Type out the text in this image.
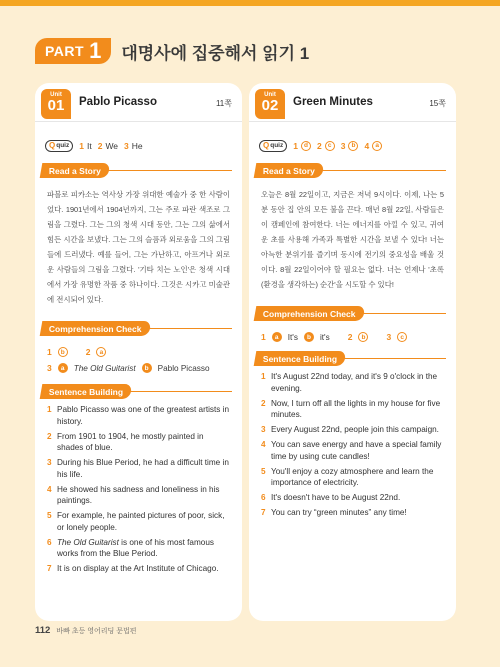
PART 1 대명사에 집중해서 읽기 1
Unit
01	Pablo Picasso	11쪽
Q quiz 1 It 2 We 3 He
Read a Story

파블로 피카소는 역사상 가장 위대한 예술가 중 한 사람이었다. 1901년에서 1904년까지, 그는 주로 파란 색조로 그림을 그렸다. 그는 그의 청색 시대 동안, 그는 그의 삶에서 힘든 시간을 보냈다. 그는 그의 슬픔과 외로움을 그의 그림들에 드러냈다. 예를 들어, 그는 가난하고, 아프거나 외로운 사람들의 그림을 그렸다. '기타 치는 노인'은 청색 시대에서 가장 유명한 작품 중 하나이다. 그것은 시카고 미술관에 전시되어 있다.

Comprehension Check
1	b	2	a
3	a	The Old Guitarist	b	Pablo Picasso
Sentence Building
1 Pablo Picasso was one of the greatest artists in history.
2 From 1901 to 1904, he mostly painted in shades of blue.
3 During his Blue Period, he had a difficult time in his life.
4 He showed his sadness and loneliness in his paintings.
5 For example, he painted pictures of poor, sick, or lonely people.
6 The Old Guitarist is one of his most famous works from the Blue Period.
7 It is on display at the Art Institute of Chicago.
Unit
02	Green Minutes	15쪽
Q quiz 1 d	2 c	3 b	4 a
Read a Story

오늘은 8월 22일이고, 지금은 저녁 9시이다. 이제, 나는 5분 동안 집 안의 모든 불을 끈다. 매년 8월 22일, 사람들은 이 캠페인에 참여한다. 너는 에너지를 아낄 수 있고, 귀여운 초를 사용해 가족과 특별한 시간을 보낼 수 있다! 너는 아늑한 분위기를 즐기며 동시에 전기의 중요성을 배울 것이다. 8월 22일이어야 할 필요는 없다. 너는 언제나 '초록(환경을 생각하는) 순간'을 시도할 수 있다!

Comprehension Check
1	a	It's	b	it's 2	b	3	c
Sentence Building
1 It's August 22nd today, and it's 9 o'clock in the evening.
2 Now, I turn off all the lights in my house for five minutes.
3 Every August 22nd, people join this campaign.
4 You can save energy and have a special family time by using cute candles!
5 You'll enjoy a cozy atmosphere and learn the importance of electricity.
6 It's doesn't have to be August 22nd.
7 You can try “green minutes” any time!
112 바빠 초등 영어리딩 문법편
